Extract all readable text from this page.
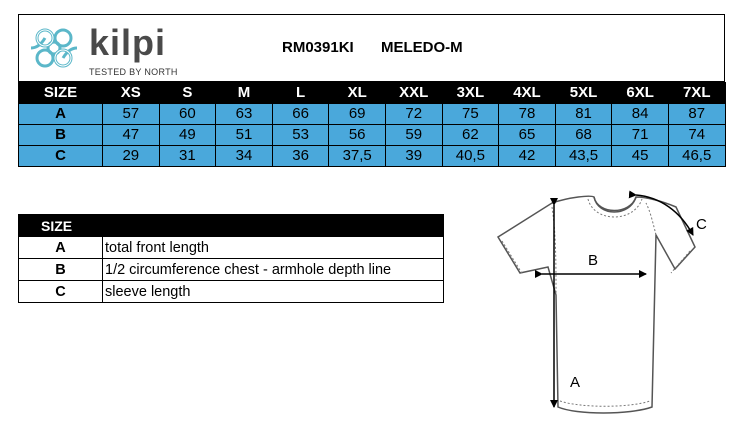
kilpi
TESTED BY NORTH
RM0391KI MELEDO-M
SIZE	XS	S	M	L	XL	XXL	3XL	4XL	5XL	6XL	7XL
A	57	60	63	66	69	72	75	78	81	84	87
B	47	49	51	53	56	59	62	65	68	71	74
C	29	31	34	36	37,5	39	40,5	42	43,5	45	46,5
SIZE	
A	total front length
B	1/2 circumference chest - armhole depth line
C	sleeve length
A
B
C
